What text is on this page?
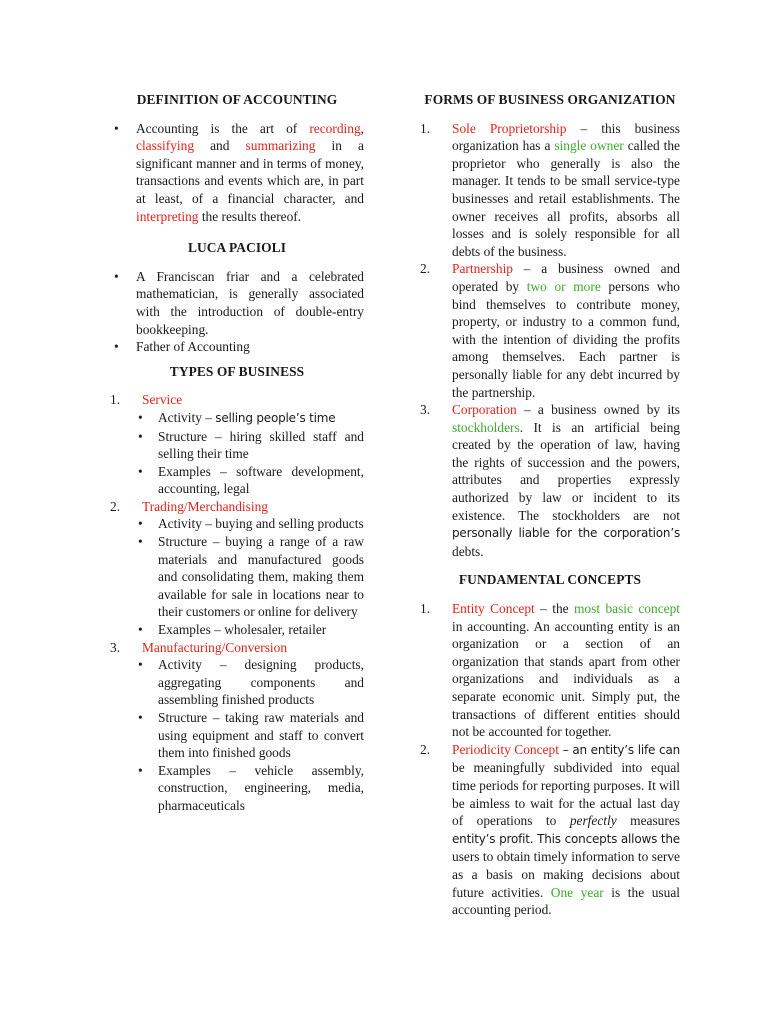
DEFINITION OF ACCOUNTING
• Accounting is the art of recording, classifying and summarizing in a significant manner and in terms of money, transactions and events which are, in part at least, of a financial character, and interpreting the results thereof.
LUCA PACIOLI
• A Franciscan friar and a celebrated mathematician, is generally associated with the introduction of double-entry bookkeeping.
• Father of Accounting
TYPES OF BUSINESS
1. Service
• Activity – selling people’s time
• Structure – hiring skilled staff and selling their time
• Examples – software development, accounting, legal
2. Trading/Merchandising
• Activity – buying and selling products
• Structure – buying a range of a raw materials and manufactured goods and consolidating them, making them available for sale in locations near to their customers or online for delivery
• Examples – wholesaler, retailer
3. Manufacturing/Conversion
• Activity – designing products, aggregating components and assembling finished products
• Structure – taking raw materials and using equipment and staff to convert them into finished goods
• Examples – vehicle assembly, construction, engineering, media, pharmaceuticals
FORMS OF BUSINESS ORGANIZATION
1. Sole Proprietorship – this business organization has a single owner called the proprietor who generally is also the manager. It tends to be small service-type businesses and retail establishments. The owner receives all profits, absorbs all losses and is solely responsible for all debts of the business.
2. Partnership – a business owned and operated by two or more persons who bind themselves to contribute money, property, or industry to a common fund, with the intention of dividing the profits among themselves. Each partner is personally liable for any debt incurred by the partnership.
3. Corporation – a business owned by its stockholders. It is an artificial being created by the operation of law, having the rights of succession and the powers, attributes and properties expressly authorized by law or incident to its existence. The stockholders are not personally liable for the corporation’s debts.
FUNDAMENTAL CONCEPTS
1. Entity Concept – the most basic concept in accounting. An accounting entity is an organization or a section of an organization that stands apart from other organizations and individuals as a separate economic unit. Simply put, the transactions of different entities should not be accounted for together.
2. Periodicity Concept – an entity’s life can be meaningfully subdivided into equal time periods for reporting purposes. It will be aimless to wait for the actual last day of operations to perfectly measures entity’s profit. This concepts allows the users to obtain timely information to serve as a basis on making decisions about future activities. One year is the usual accounting period.
